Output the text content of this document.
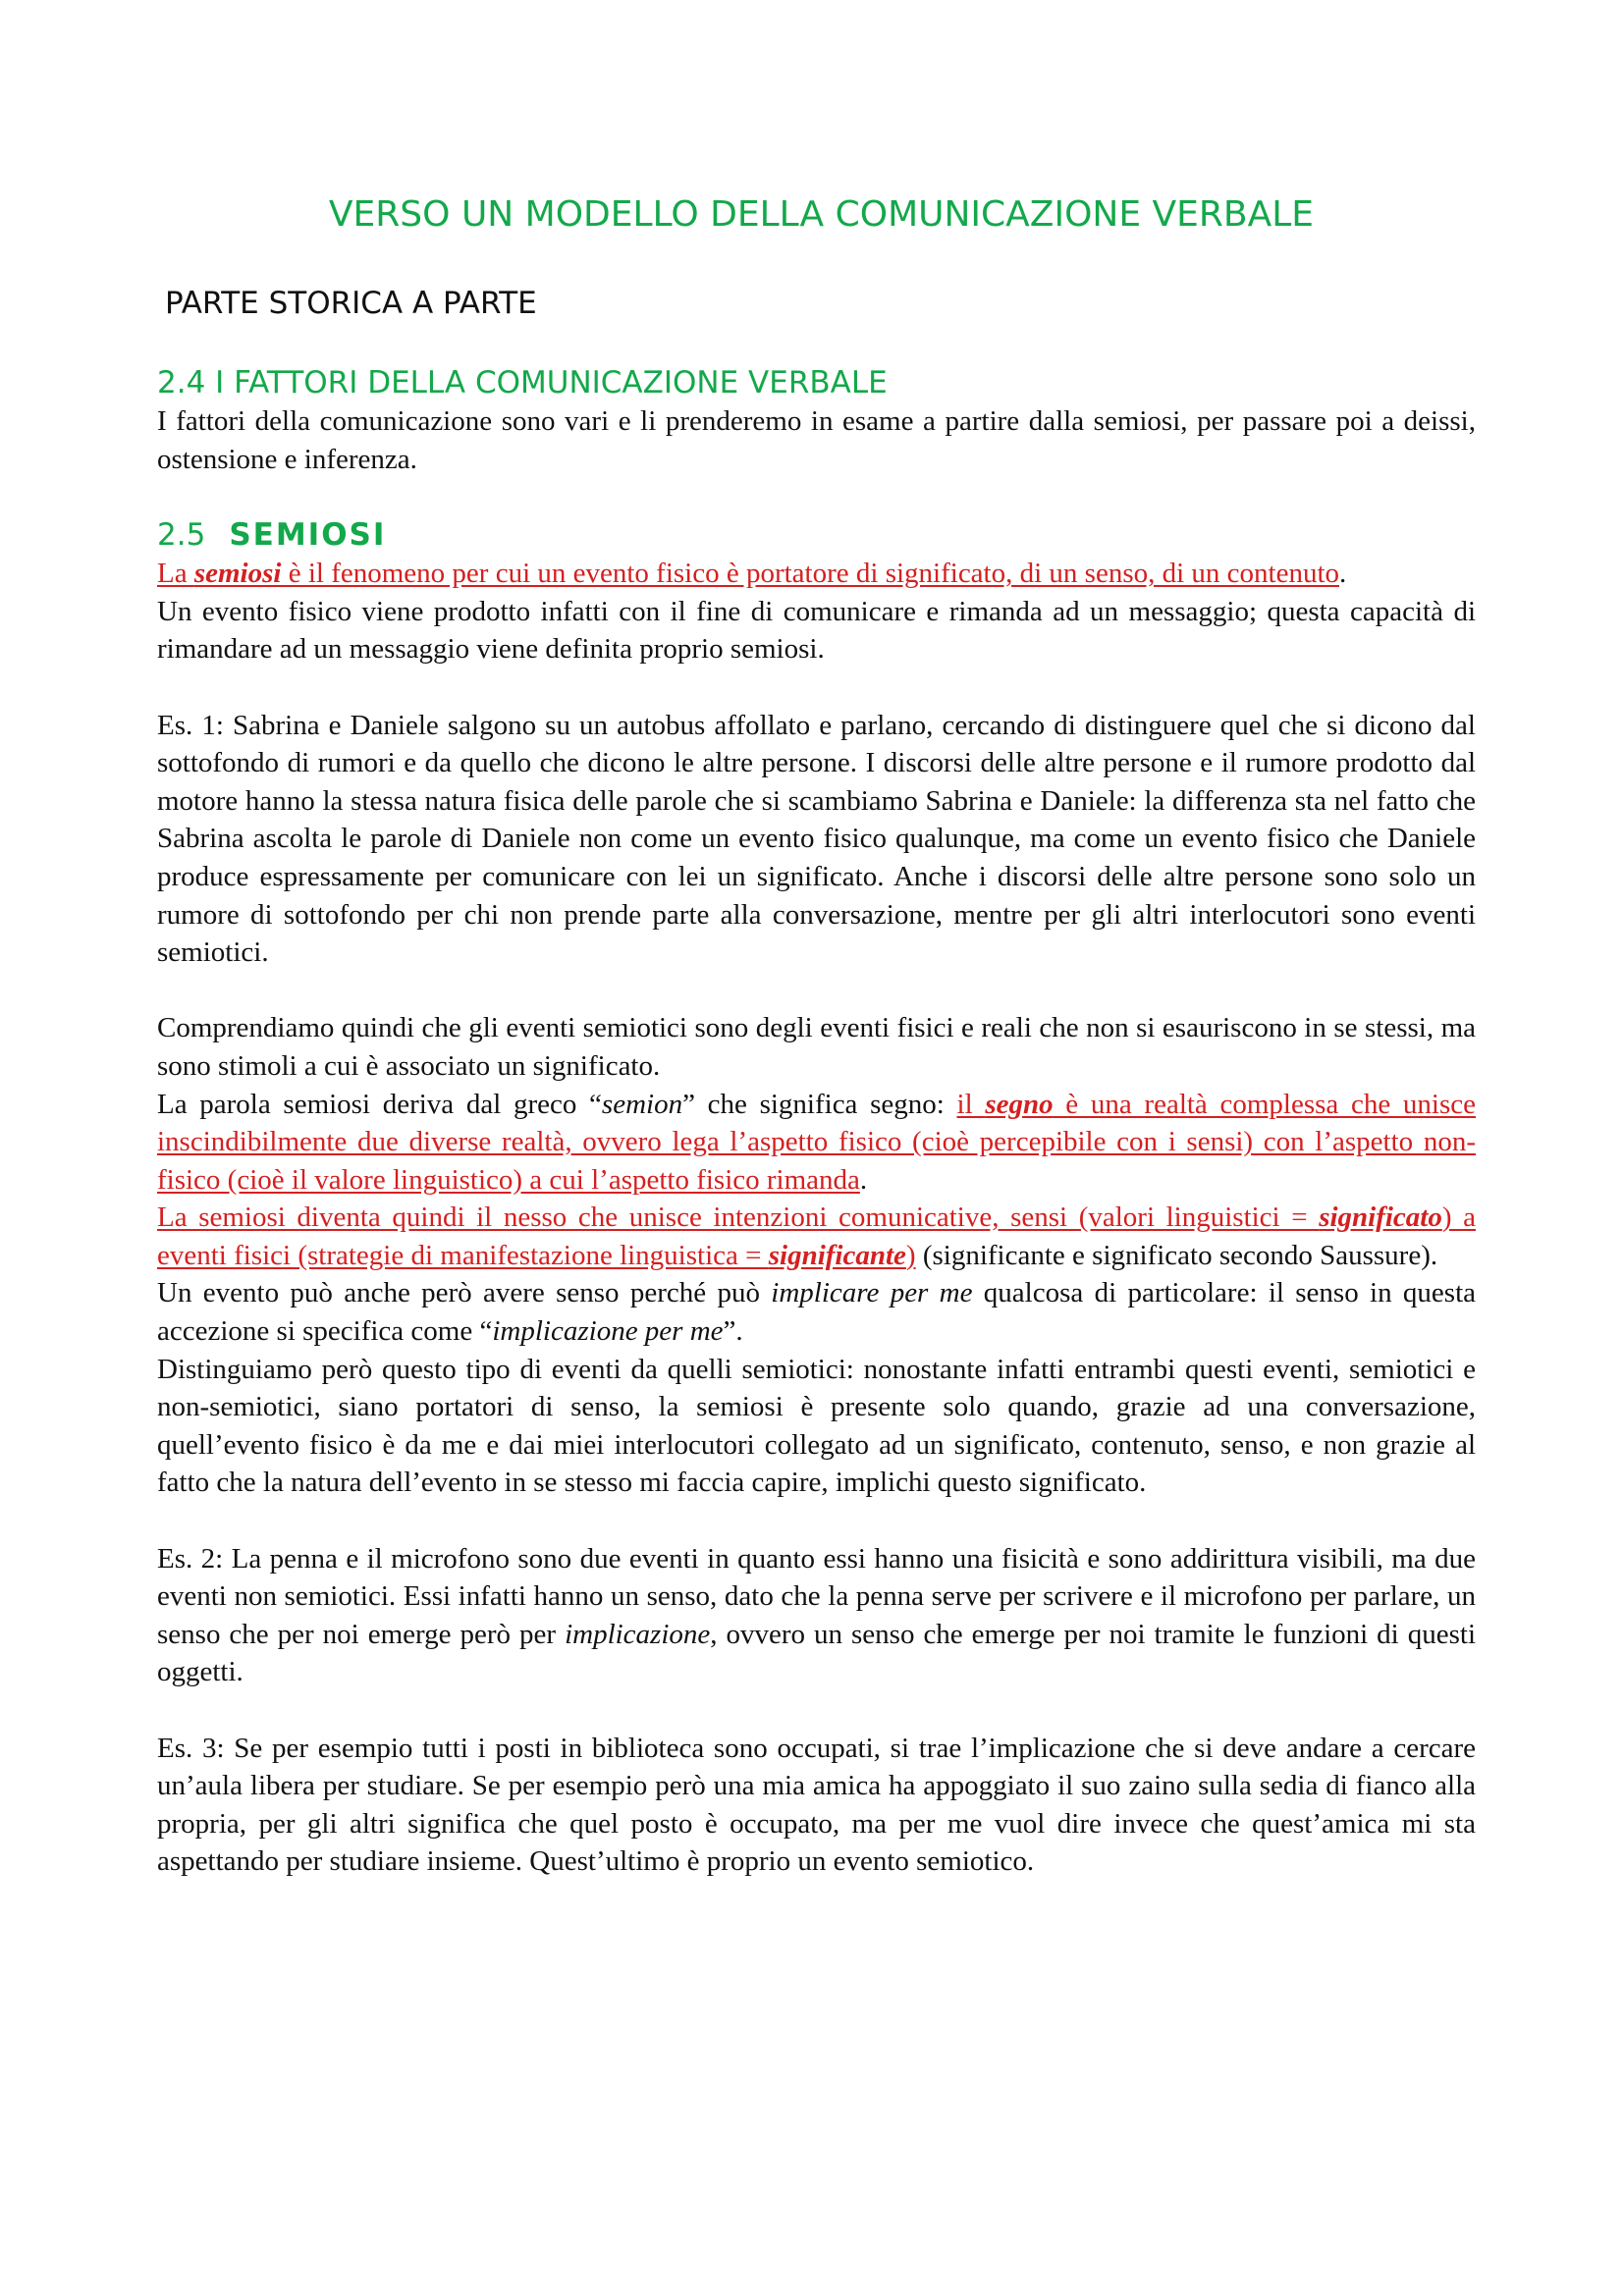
VERSO UN MODELLO DELLA COMUNICAZIONE VERBALE
PARTE STORICA A PARTE
2.4 I FATTORI DELLA COMUNICAZIONE VERBALE

I fattori della comunicazione sono vari e li prenderemo in esame a partire dalla semiosi, per passare poi a deissi, ostensione e inferenza.

2.5 SEMIOSI

La semiosi è il fenomeno per cui un evento fisico è portatore di significato, di un senso, di un contenuto.

Un evento fisico viene prodotto infatti con il fine di comunicare e rimanda ad un messaggio; questa capacità di rimandare ad un messaggio viene definita proprio semiosi.

Es. 1: Sabrina e Daniele salgono su un autobus affollato e parlano, cercando di distinguere quel che si dicono dal sottofondo di rumori e da quello che dicono le altre persone. I discorsi delle altre persone e il rumore prodotto dal motore hanno la stessa natura fisica delle parole che si scambiamo Sabrina e Daniele: la differenza sta nel fatto che Sabrina ascolta le parole di Daniele non come un evento fisico qualunque, ma come un evento fisico che Daniele produce espressamente per comunicare con lei un significato. Anche i discorsi delle altre persone sono solo un rumore di sottofondo per chi non prende parte alla conversazione, mentre per gli altri interlocutori sono eventi semiotici.

Comprendiamo quindi che gli eventi semiotici sono degli eventi fisici e reali che non si esauriscono in se stessi, ma sono stimoli a cui è associato un significato.

La parola semiosi deriva dal greco “semion” che significa segno: il segno è una realtà complessa che unisce inscindibilmente due diverse realtà, ovvero lega l’aspetto fisico (cioè percepibile con i sensi) con l’aspetto non-fisico (cioè il valore linguistico) a cui l’aspetto fisico rimanda.

La semiosi diventa quindi il nesso che unisce intenzioni comunicative, sensi (valori linguistici = significato) a eventi fisici (strategie di manifestazione linguistica = significante) (significante e significato secondo Saussure).

Un evento può anche però avere senso perché può implicare per me qualcosa di particolare: il senso in questa accezione si specifica come “implicazione per me”.

Distinguiamo però questo tipo di eventi da quelli semiotici: nonostante infatti entrambi questi eventi, semiotici e non-semiotici, siano portatori di senso, la semiosi è presente solo quando, grazie ad una conversazione, quell’evento fisico è da me e dai miei interlocutori collegato ad un significato, contenuto, senso, e non grazie al fatto che la natura dell’evento in se stesso mi faccia capire, implichi questo significato.

Es. 2: La penna e il microfono sono due eventi in quanto essi hanno una fisicità e sono addirittura visibili, ma due eventi non semiotici. Essi infatti hanno un senso, dato che la penna serve per scrivere e il microfono per parlare, un senso che per noi emerge però per implicazione, ovvero un senso che emerge per noi tramite le funzioni di questi oggetti.

Es. 3: Se per esempio tutti i posti in biblioteca sono occupati, si trae l’implicazione che si deve andare a cercare un’aula libera per studiare. Se per esempio però una mia amica ha appoggiato il suo zaino sulla sedia di fianco alla propria, per gli altri significa che quel posto è occupato, ma per me vuol dire invece che quest’amica mi sta aspettando per studiare insieme. Quest’ultimo è proprio un evento semiotico.
